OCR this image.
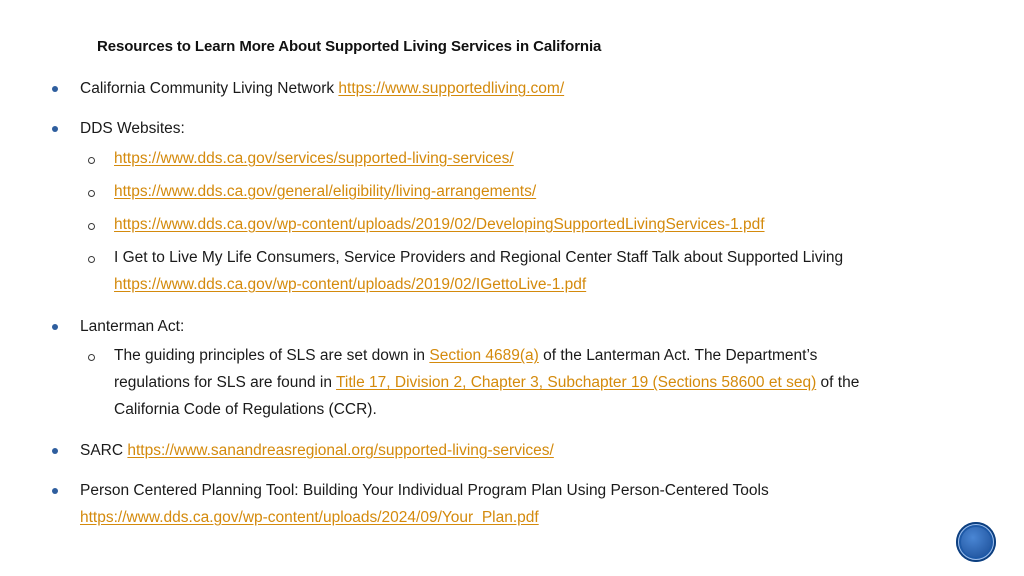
Resources to Learn More About Supported Living Services in California
California Community Living Network https://www.supportedliving.com/
DDS Websites:
https://www.dds.ca.gov/services/supported-living-services/
https://www.dds.ca.gov/general/eligibility/living-arrangements/
https://www.dds.ca.gov/wp-content/uploads/2019/02/DevelopingSupportedLivingServices-1.pdf
I Get to Live My Life Consumers, Service Providers and Regional Center Staff Talk about Supported Living
https://www.dds.ca.gov/wp-content/uploads/2019/02/IGettoLive-1.pdf
Lanterman Act:
The guiding principles of SLS are set down in Section 4689(a) of the Lanterman Act. The Department’s
regulations for SLS are found in Title 17, Division 2, Chapter 3, Subchapter 19 (Sections 58600 et seq) of the
California Code of Regulations (CCR).
SARC https://www.sanandreasregional.org/supported-living-services/
Person Centered Planning Tool: Building Your Individual Program Plan Using Person-Centered Tools
https://www.dds.ca.gov/wp-content/uploads/2024/09/Your_Plan.pdf
